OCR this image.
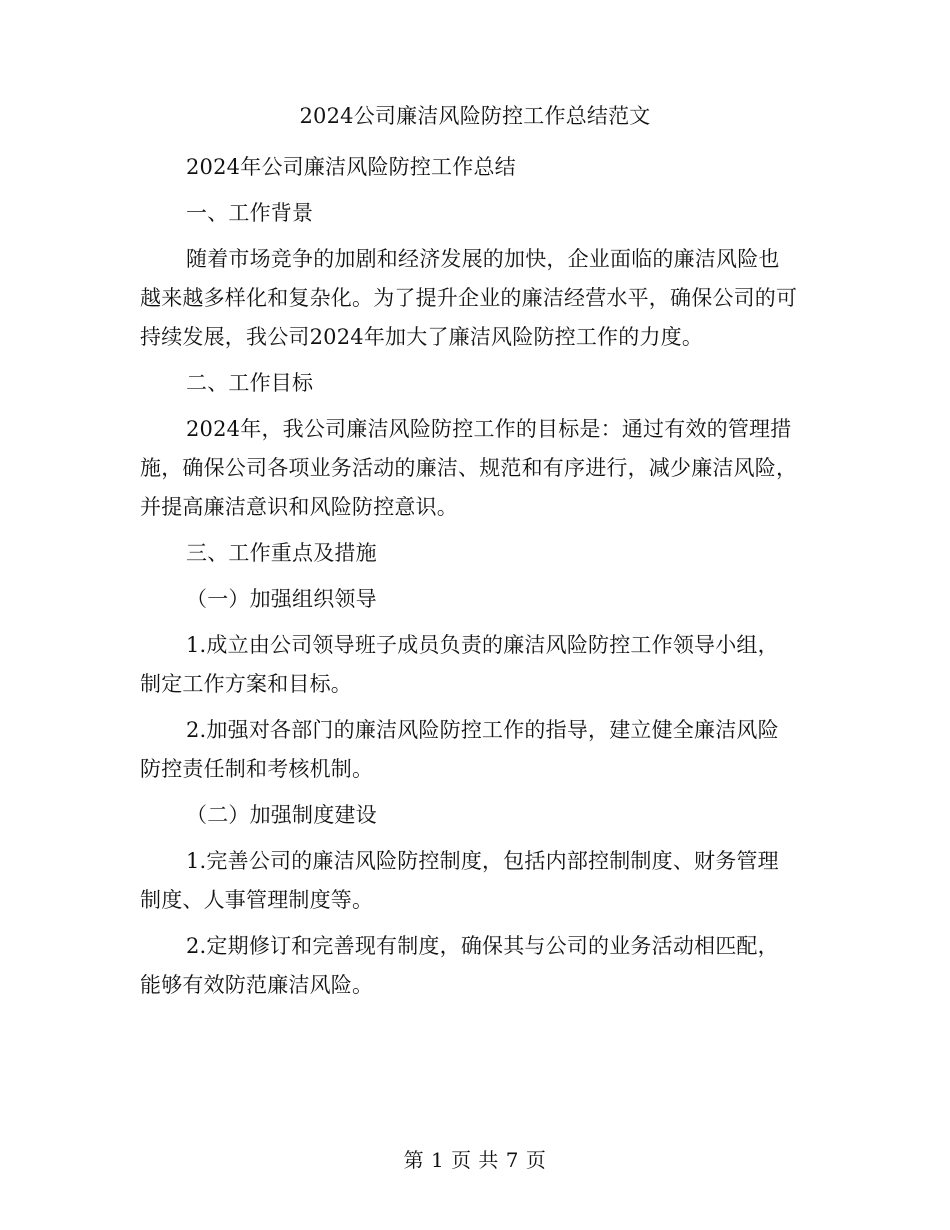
2024公司廉洁风险防控工作总结范文

2024年公司廉洁风险防控工作总结

一、工作背景

随着市场竞争的加剧和经济发展的加快，企业面临的廉洁风险也越来越多样化和复杂化。为了提升企业的廉洁经营水平，确保公司的可持续发展，我公司2024年加大了廉洁风险防控工作的力度。

二、工作目标

2024年，我公司廉洁风险防控工作的目标是：通过有效的管理措施，确保公司各项业务活动的廉洁、规范和有序进行，减少廉洁风险，并提高廉洁意识和风险防控意识。

三、工作重点及措施

（一）加强组织领导

1.成立由公司领导班子成员负责的廉洁风险防控工作领导小组，制定工作方案和目标。

2.加强对各部门的廉洁风险防控工作的指导，建立健全廉洁风险防控责任制和考核机制。

（二）加强制度建设

1.完善公司的廉洁风险防控制度，包括内部控制制度、财务管理制度、人事管理制度等。

2.定期修订和完善现有制度，确保其与公司的业务活动相匹配，能够有效防范廉洁风险。

第 1 页 共 7 页
